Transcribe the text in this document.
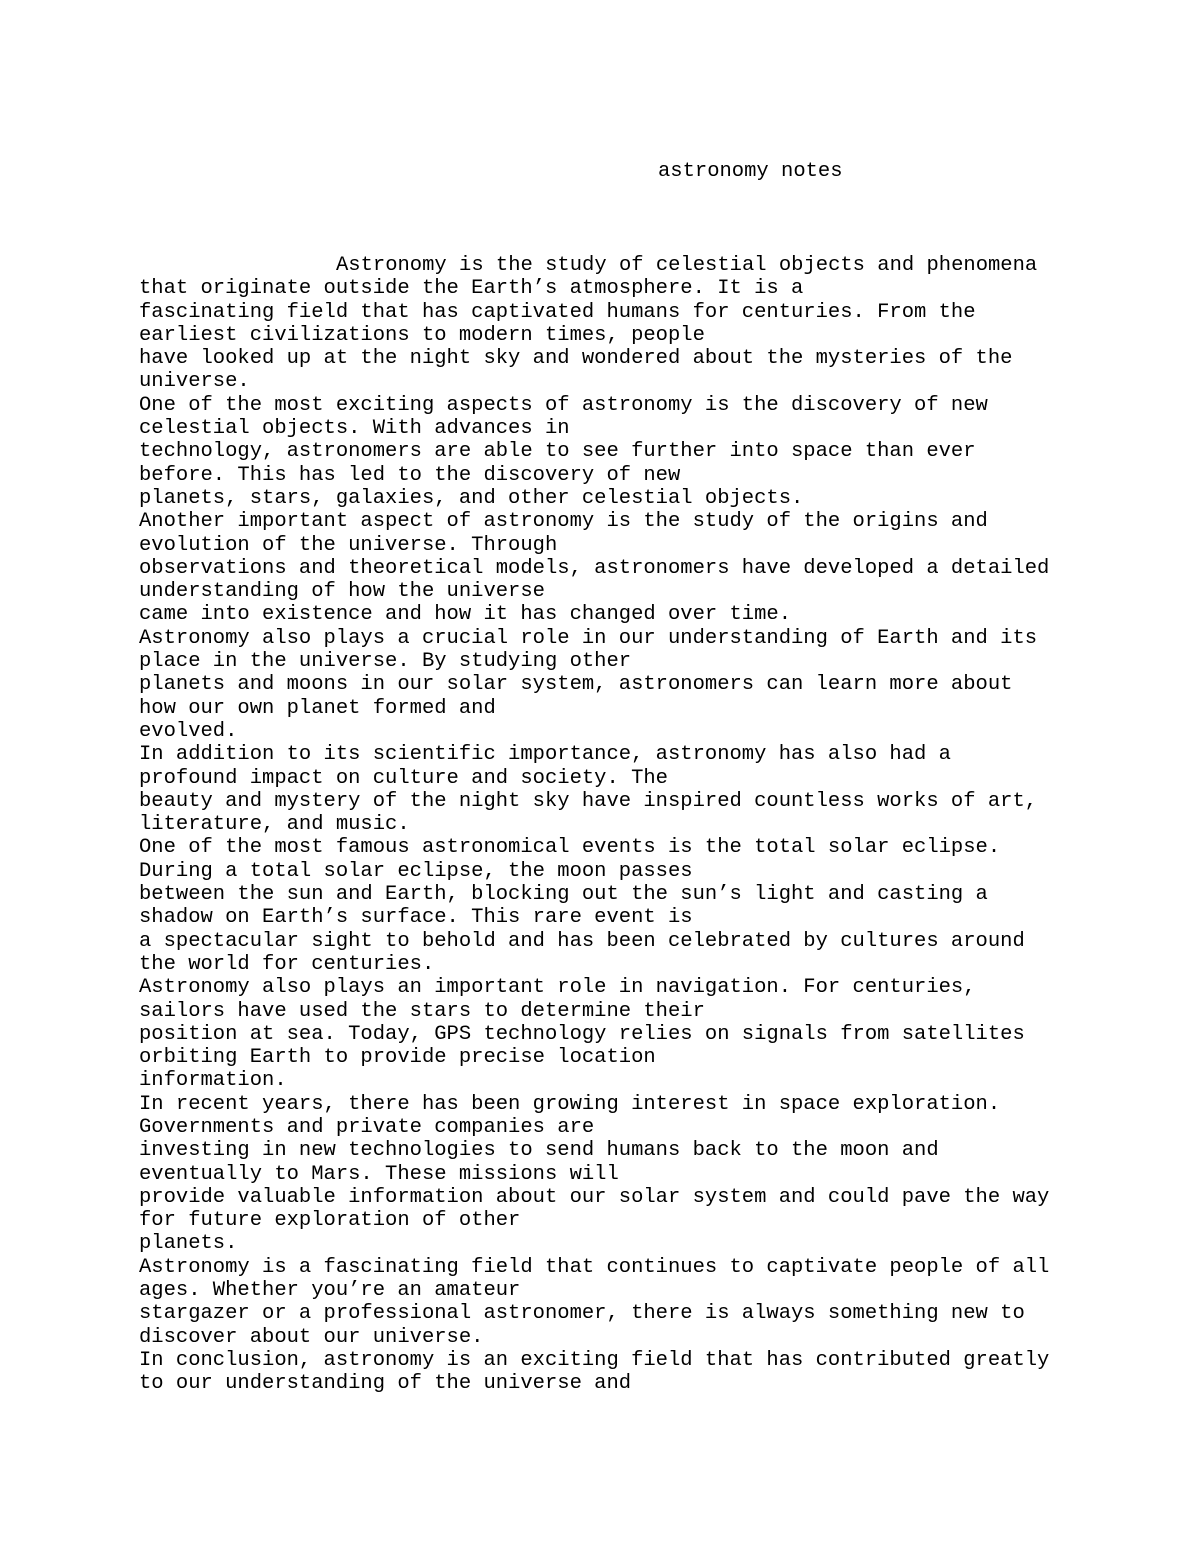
astronomy notes
Astronomy is the study of celestial objects and phenomena
that originate outside the Earth’s atmosphere. It is a
fascinating field that has captivated humans for centuries. From the
earliest civilizations to modern times, people
have looked up at the night sky and wondered about the mysteries of the
universe.
One of the most exciting aspects of astronomy is the discovery of new
celestial objects. With advances in
technology, astronomers are able to see further into space than ever
before. This has led to the discovery of new
planets, stars, galaxies, and other celestial objects.
Another important aspect of astronomy is the study of the origins and
evolution of the universe. Through
observations and theoretical models, astronomers have developed a detailed
understanding of how the universe
came into existence and how it has changed over time.
Astronomy also plays a crucial role in our understanding of Earth and its
place in the universe. By studying other
planets and moons in our solar system, astronomers can learn more about
how our own planet formed and
evolved.
In addition to its scientific importance, astronomy has also had a
profound impact on culture and society. The
beauty and mystery of the night sky have inspired countless works of art,
literature, and music.
One of the most famous astronomical events is the total solar eclipse.
During a total solar eclipse, the moon passes
between the sun and Earth, blocking out the sun’s light and casting a
shadow on Earth’s surface. This rare event is
a spectacular sight to behold and has been celebrated by cultures around
the world for centuries.
Astronomy also plays an important role in navigation. For centuries,
sailors have used the stars to determine their
position at sea. Today, GPS technology relies on signals from satellites
orbiting Earth to provide precise location
information.
In recent years, there has been growing interest in space exploration.
Governments and private companies are
investing in new technologies to send humans back to the moon and
eventually to Mars. These missions will
provide valuable information about our solar system and could pave the way
for future exploration of other
planets.
Astronomy is a fascinating field that continues to captivate people of all
ages. Whether you’re an amateur
stargazer or a professional astronomer, there is always something new to
discover about our universe.
In conclusion, astronomy is an exciting field that has contributed greatly
to our understanding of the universe and
